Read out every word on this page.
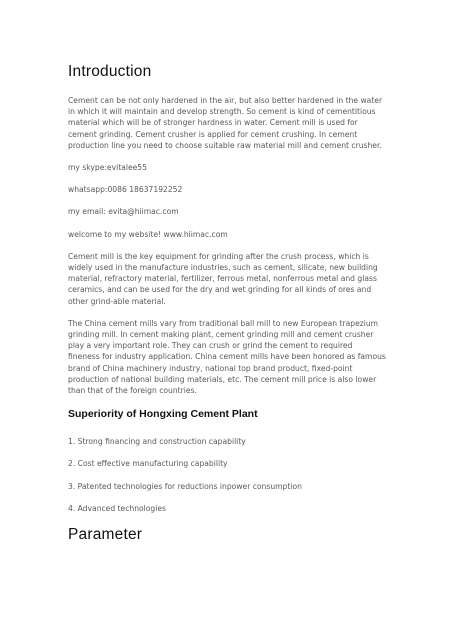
Introduction

Cement can be not only hardened in the air, but also better hardened in the water in which it will maintain and develop strength. So cement is kind of cementitious material which will be of stronger hardness in water. Cement mill is used for cement grinding. Cement crusher is applied for cement crushing. In cement production line you need to choose suitable raw material mill and cement crusher.

my skype:evitalee55

whatsapp:0086 18637192252

my email: evita@hiimac.com

welcome to my website! www.hiimac.com

Cement mill is the key equipment for grinding after the crush process, which is widely used in the manufacture industries, such as cement, silicate, new building material, refractory material, fertilizer, ferrous metal, nonferrous metal and glass ceramics, and can be used for the dry and wet grinding for all kinds of ores and other grind-able material.

The China cement mills vary from traditional ball mill to new European trapezium grinding mill. In cement making plant, cement grinding mill and cement crusher play a very important role. They can crush or grind the cement to required fineness for industry application. China cement mills have been honored as famous brand of China machinery industry, national top brand product, fixed-point production of national building materials, etc. The cement mill price is also lower than that of the foreign countries.

Superiority of Hongxing Cement Plant

1. Strong financing and construction capability

2. Cost effective manufacturing capability

3. Patented technologies for reductions inpower consumption

4. Advanced technologies

Parameter
